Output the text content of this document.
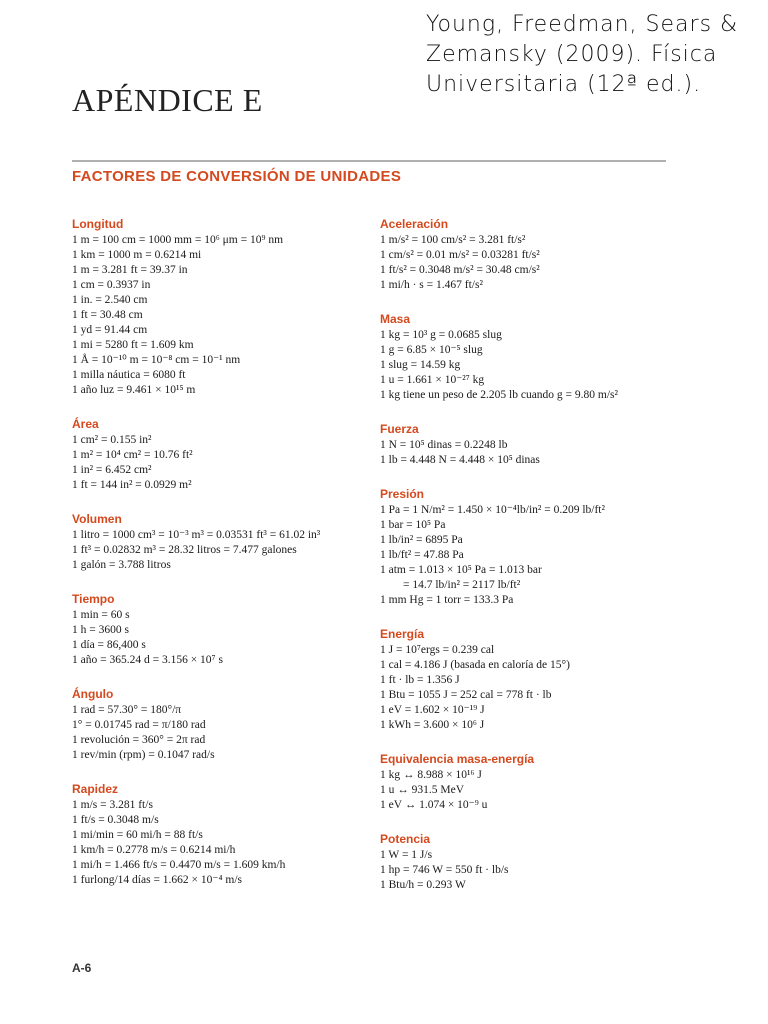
Young, Freedman, Sears &
Zemansky (2009). Física
Universitaria (12ª ed.).
APÉNDICE E
FACTORES DE CONVERSIÓN DE UNIDADES
Longitud
1 m = 100 cm = 1000 mm = 10⁶ μm = 10⁹ nm
1 km = 1000 m = 0.6214 mi
1 m = 3.281 ft = 39.37 in
1 cm = 0.3937 in
1 in. = 2.540 cm
1 ft = 30.48 cm
1 yd = 91.44 cm
1 mi = 5280 ft = 1.609 km
1 Å = 10⁻¹⁰ m = 10⁻⁸ cm = 10⁻¹ nm
1 milla náutica = 6080 ft
1 año luz = 9.461 × 10¹⁵ m
Área
1 cm² = 0.155 in²
1 m² = 10⁴ cm² = 10.76 ft²
1 in² = 6.452 cm²
1 ft = 144 in² = 0.0929 m²
Volumen
1 litro = 1000 cm³ = 10⁻³ m³ = 0.03531 ft³ = 61.02 in³
1 ft³ = 0.02832 m³ = 28.32 litros = 7.477 galones
1 galón = 3.788 litros
Tiempo
1 min = 60 s
1 h = 3600 s
1 día = 86,400 s
1 año = 365.24 d = 3.156 × 10⁷ s
Ángulo
1 rad = 57.30° = 180°/π
1° = 0.01745 rad = π/180 rad
1 revolución = 360° = 2π rad
1 rev/min (rpm) = 0.1047 rad/s
Rapidez
1 m/s = 3.281 ft/s
1 ft/s = 0.3048 m/s
1 mi/min = 60 mi/h = 88 ft/s
1 km/h = 0.2778 m/s = 0.6214 mi/h
1 mi/h = 1.466 ft/s = 0.4470 m/s = 1.609 km/h
1 furlong/14 días = 1.662 × 10⁻⁴ m/s
Aceleración
1 m/s² = 100 cm/s² = 3.281 ft/s²
1 cm/s² = 0.01 m/s² = 0.03281 ft/s²
1 ft/s² = 0.3048 m/s² = 30.48 cm/s²
1 mi/h · s = 1.467 ft/s²
Masa
1 kg = 10³ g = 0.0685 slug
1 g = 6.85 × 10⁻⁵ slug
1 slug = 14.59 kg
1 u = 1.661 × 10⁻²⁷ kg
1 kg tiene un peso de 2.205 lb cuando g = 9.80 m/s²
Fuerza
1 N = 10⁵ dinas = 0.2248 lb
1 lb = 4.448 N = 4.448 × 10⁵ dinas
Presión
1 Pa = 1 N/m² = 1.450 × 10⁻⁴lb/in² = 0.209 lb/ft²
1 bar = 10⁵ Pa
1 lb/in² = 6895 Pa
1 lb/ft² = 47.88 Pa
1 atm = 1.013 × 10⁵ Pa = 1.013 bar
= 14.7 lb/in² = 2117 lb/ft²
1 mm Hg = 1 torr = 133.3 Pa
Energía
1 J = 10⁷ergs = 0.239 cal
1 cal = 4.186 J (basada en caloría de 15°)
1 ft · lb = 1.356 J
1 Btu = 1055 J = 252 cal = 778 ft · lb
1 eV = 1.602 × 10⁻¹⁹ J
1 kWh = 3.600 × 10⁶ J
Equivalencia masa-energía
1 kg ↔ 8.988 × 10¹⁶ J
1 u ↔ 931.5 MeV
1 eV ↔ 1.074 × 10⁻⁹ u
Potencia
1 W = 1 J/s
1 hp = 746 W = 550 ft · lb/s
1 Btu/h = 0.293 W
A-6
